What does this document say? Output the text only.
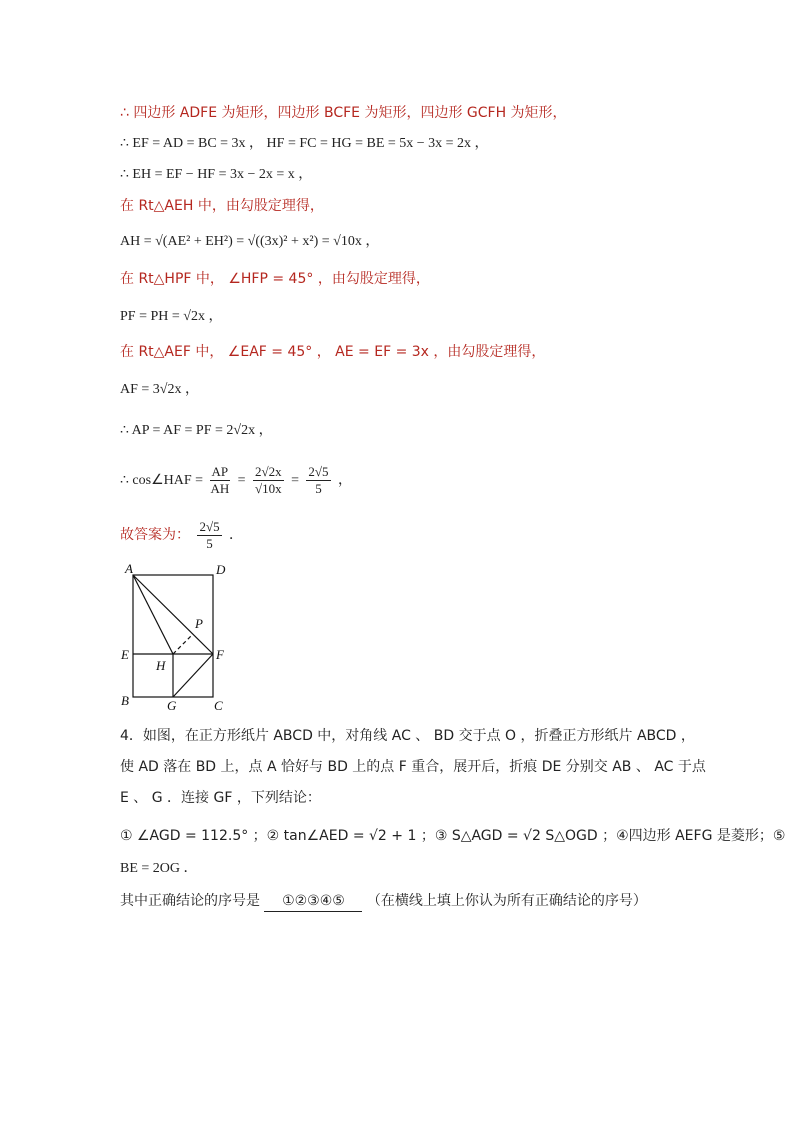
∴ 四边形 ADFE 为矩形，四边形 BCFE 为矩形，四边形 GCFH 为矩形，
∴ EF = AD = BC = 3x ， HF = FC = HG = BE = 5x − 3x = 2x ，
∴ EH = EF − HF = 3x − 2x = x ，
在 Rt△AEH 中，由勾股定理得，
AH = √(AE² + EH²) = √((3x)² + x²) = √10x ，
在 Rt△HPF 中， ∠HFP = 45° ，由勾股定理得，
PF = PH = √2x ，
在 Rt△AEF 中， ∠EAF = 45° ， AE = EF = 3x ，由勾股定理得，
AF = 3√2x ，
∴ AP = AF = PF = 2√2x ，
∴ cos∠HAF = $\frac{AP}{AH} = \frac{2√2x}{√10x} = \frac{2√5}{5}$ ，
故答案为： $\frac{2√5}{5}$ ．
A	D
P
E	F
H
B	G	C
4．如图，在正方形纸片 ABCD 中，对角线 AC 、 BD 交于点 O ，折叠正方形纸片 ABCD ，
使 AD 落在 BD 上，点 A 恰好与 BD 上的点 F 重合，展开后，折痕 DE 分别交 AB 、 AC 于点
E 、 G ．连接 GF ，下列结论：
① ∠AGD = 112.5° ；② tan∠AED = √2 + 1 ；③ S△AGD = √2 S△OGD ；④四边形 AEFG 是菱形；⑤
BE = 2OG ．
其中正确结论的序号是 ①②③④⑤ （在横线上填上你认为所有正确结论的序号）
